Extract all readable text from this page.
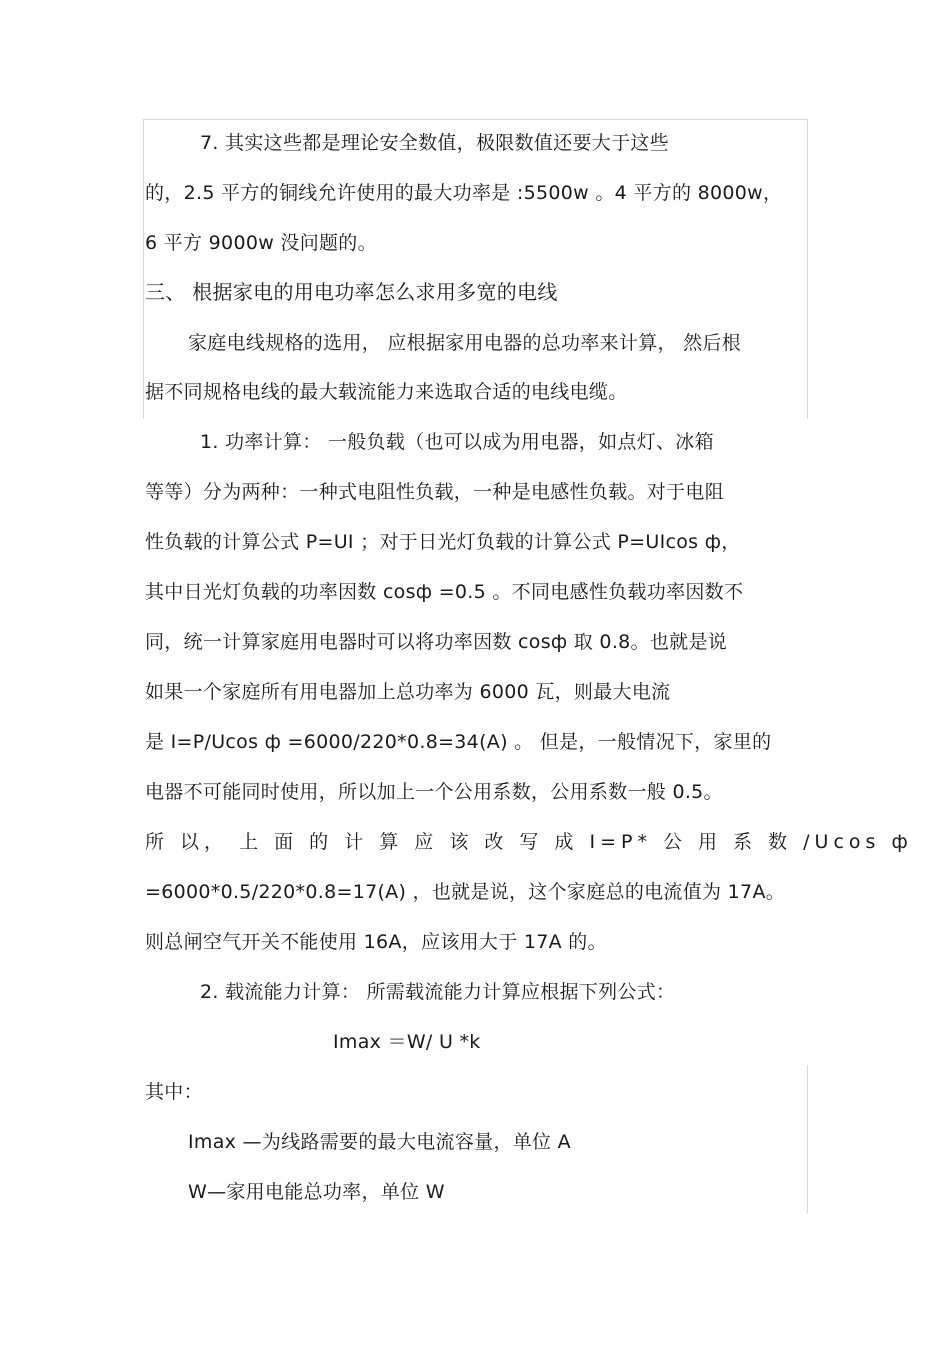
7. 其实这些都是理论安全数值，极限数值还要大于这些
的，2.5 平方的铜线允许使用的最大功率是 :5500w 。4 平方的 8000w，
6 平方 9000w 没问题的。
三、 根据家电的用电功率怎么求用多宽的电线
家庭电线规格的选用， 应根据家用电器的总功率来计算， 然后根
据不同规格电线的最大载流能力来选取合适的电线电缆。
1. 功率计算： 一般负载（也可以成为用电器，如点灯、冰箱
等等）分为两种：一种式电阻性负载，一种是电感性负载。对于电阻
性负载的计算公式 P=UI ；对于日光灯负载的计算公式 P=UIcos ф，
其中日光灯负载的功率因数 cosф =0.5 。不同电感性负载功率因数不
同，统一计算家庭用电器时可以将功率因数 cosф 取 0.8。也就是说
如果一个家庭所有用电器加上总功率为 6000 瓦，则最大电流
是 I=P/Ucos ф =6000/220*0.8=34(A) 。 但是，一般情况下，家里的
电器不可能同时使用，所以加上一个公用系数，公用系数一般 0.5。
所 以， 上 面 的 计 算 应 该 改 写 成 I=P* 公 用 系 数 /Ucos ф
=6000*0.5/220*0.8=17(A) ，也就是说，这个家庭总的电流值为 17A。
则总闸空气开关不能使用 16A，应该用大于 17A 的。
2. 载流能力计算： 所需载流能力计算应根据下列公式：
Imax ＝W/ U *k
其中：
Imax —为线路需要的最大电流容量，单位 A
W—家用电能总功率，单位 W
